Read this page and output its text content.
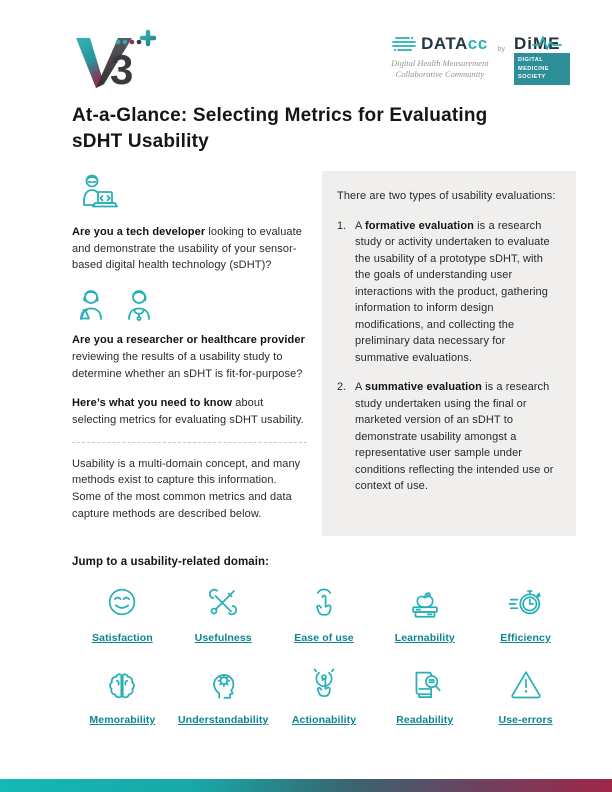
3
DATAcc
Digital Health Measurement
Collaborative Community
by DiME
DIGITAL
MEDICINE
SOCIETY
At-a-Glance: Selecting Metrics for Evaluating
sDHT Usability

Are you a tech developer looking to evaluate and demonstrate the usability of your sensor-based digital health technology (sDHT)?

Are you a researcher or healthcare provider reviewing the results of a usability study to determine whether an sDHT is fit-for-purpose?

Here’s what you need to know about selecting metrics for evaluating sDHT usability.

Usability is a multi-domain concept, and many methods exist to capture this information. Some of the most common metrics and data capture methods are described below.

There are two types of usability evaluations:

1. A formative evaluation is a research study or activity undertaken to evaluate the usability of a prototype sDHT, with the goals of understanding user interactions with the product, gathering information to inform design modifications, and collecting the preliminary data necessary for summative evaluations.
2. A summative evaluation is a research study undertaken using the final or marketed version of an sDHT to demonstrate usability amongst a representative user sample under conditions reflecting the intended use or context of use.
Jump to a usability-related domain:
Satisfaction	Usefulness	Ease of use	Learnability	Efficiency
Memorability	Understandability	Actionability	Readability	Use-errors
